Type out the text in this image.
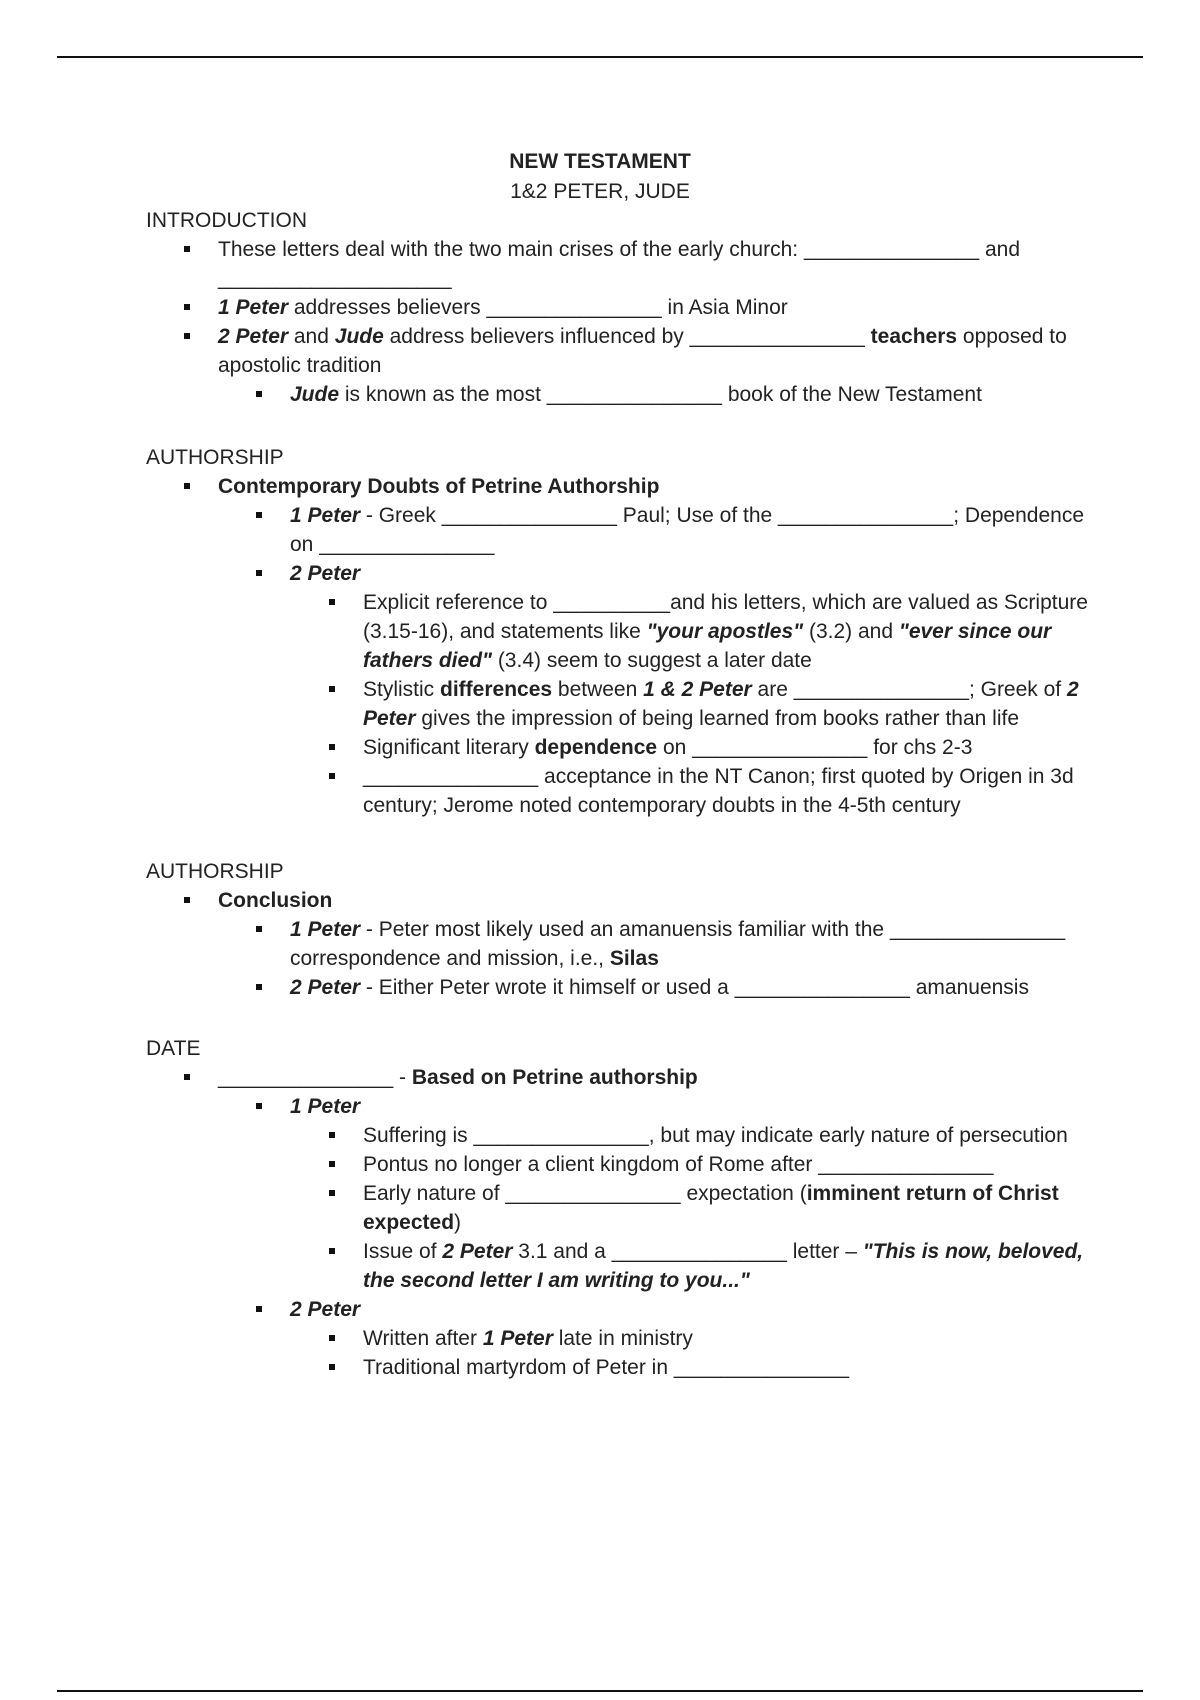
NEW TESTAMENT
1&2 PETER, JUDE
INTRODUCTION
These letters deal with the two main crises of the early church: _______________ and
____________________
1 Peter addresses believers _______________ in Asia Minor
2 Peter and Jude address believers influenced by _______________ teachers opposed to apostolic tradition
Jude is known as the most _______________ book of the New Testament
AUTHORSHIP
Contemporary Doubts of Petrine Authorship
1 Peter - Greek _______________ Paul; Use of the _______________; Dependence on _______________
2 Peter
Explicit reference to __________and his letters, which are valued as Scripture (3.15-16), and statements like "your apostles" (3.2) and "ever since our fathers died" (3.4) seem to suggest a later date
Stylistic differences between 1 & 2 Peter are _______________; Greek of 2 Peter gives the impression of being learned from books rather than life
Significant literary dependence on _______________ for chs 2-3
_______________ acceptance in the NT Canon; first quoted by Origen in 3d century; Jerome noted contemporary doubts in the 4-5th century
AUTHORSHIP
Conclusion
1 Peter - Peter most likely used an amanuensis familiar with the _______________ correspondence and mission, i.e., Silas
2 Peter - Either Peter wrote it himself or used a _______________ amanuensis
DATE
_______________ - Based on Petrine authorship
1 Peter
Suffering is _______________, but may indicate early nature of persecution
Pontus no longer a client kingdom of Rome after _______________
Early nature of _______________ expectation (imminent return of Christ expected)
Issue of 2 Peter 3.1 and a _______________ letter – "This is now, beloved, the second letter I am writing to you..."
2 Peter
Written after 1 Peter late in ministry
Traditional martyrdom of Peter in _______________
